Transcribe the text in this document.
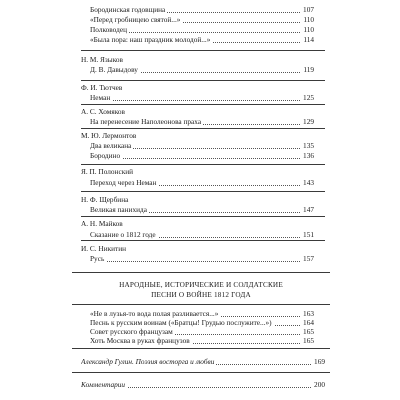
Бородинская годовщина	107
«Перед гробницею святой...»	110
Полководец	110
«Была пора: наш праздник молодой...»	114
Н. М. Языков
Д. В. Давыдову	119
Ф. И. Тютчев
Неман	125
А. С. Хомяков
На перенесение Наполеонова праха	129
М. Ю. Лермонтов
Два великана	135
Бородино	136
Я. П. Полонский
Переход через Неман	143
Н. Ф. Щербина
Великая панихида	147
А. Н. Майков
Сказание о 1812 годе	151
И. С. Никитин
Русь	157
НАРОДНЫЕ, ИСТОРИЧЕСКИЕ И СОЛДАТСКИЕ
ПЕСНИ О ВОЙНЕ 1812 ГОДА
«Не в лузья-то вода полая разливается...»	163
Песнь к русским воинам («Братцы! Грудью послужите...»)	164
Совет русского французам	165
Хоть Москва в руках французов	165
Александр Гулин. Поэзия восторга и любви	169
Комментарии	200
